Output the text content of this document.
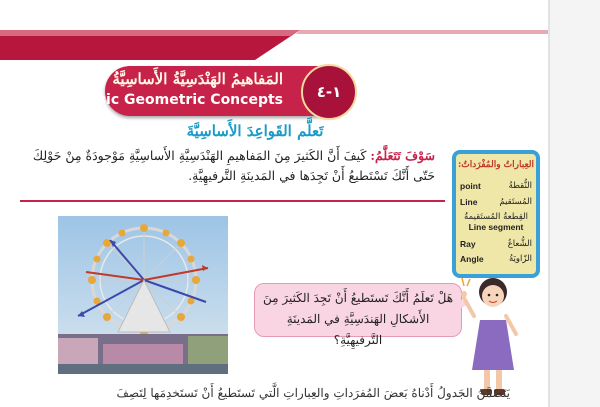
المَفاهيمُ الهَنْدَسِيَّةُ الأَساسِيَّةُ
Basic Geometric Concepts	١-٤
تَعلَّم القَواعِدَ الأَساسِيَّةَ
سَوْفَ تَتَعَلَّمُ: كَيفَ أَنَّ الكَثيرَ مِنَ المَفاهيمِ الهَنْدَسِيَّةِ الأَساسِيَّةِ مَوْجودَةٌ مِنْ حَوْلِكَ حَتّى أَنَّكَ تَسْتَطيعُ أَنْ تَجِدَها في المَدينَةِ التَّرفيهِيَّةِ.
العِباراتُ والمُفْرَداتُ:
point	النُّقطةُ
Line	المُستَقيمُ
القِطعةُ المُستَقيمةُ
Line segment
Ray	الشُّعاعُ
Angle	الزّاويَةُ
هَلْ تَعلَمُ أَنَّكَ تَستَطيعُ أَنْ تَجِدَ الكَثيرَ مِنَ الأَشكالِ الهَندَسِيَّةِ في المَدينَةِ التَّرفيهِيَّةِ؟
يَتَضَمَّنُ الجَدولُ أَدْناهُ بَعضَ المُفرَداتِ والعِباراتِ الَّتي تَستَطيعُ أَنْ تَستَخدِمَها لِتَصِفَ
